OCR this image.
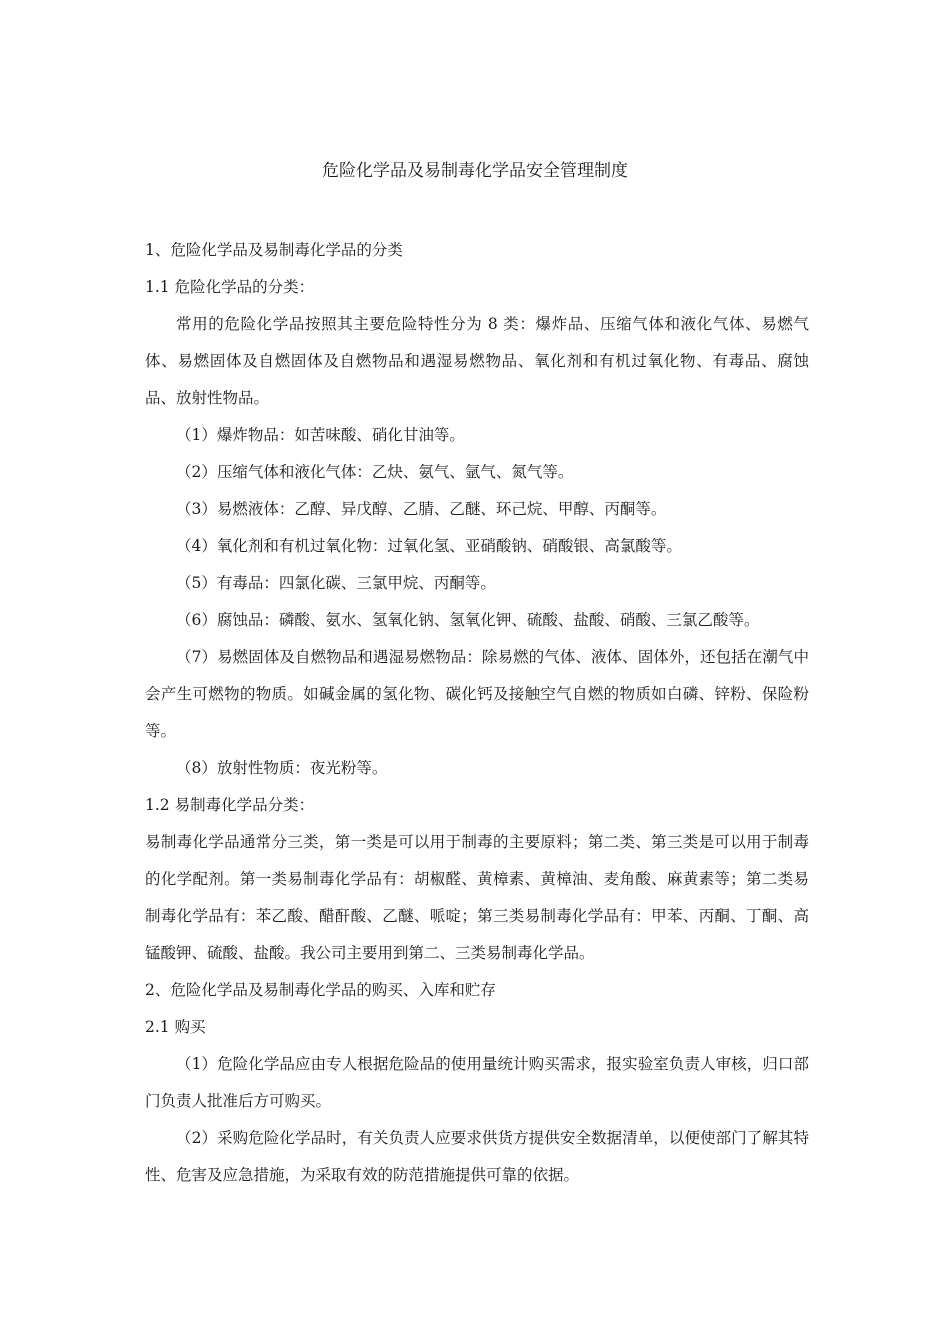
危险化学品及易制毒化学品安全管理制度

1、危险化学品及易制毒化学品的分类

1.1 危险化学品的分类：

常用的危险化学品按照其主要危险特性分为 8 类：爆炸品、压缩气体和液化气体、易燃气体、易燃固体及自燃固体及自燃物品和遇湿易燃物品、氧化剂和有机过氧化物、有毒品、腐蚀品、放射性物品。

（1）爆炸物品：如苦味酸、硝化甘油等。

（2）压缩气体和液化气体：乙炔、氨气、氩气、氮气等。

（3）易燃液体：乙醇、异戊醇、乙腈、乙醚、环己烷、甲醇、丙酮等。

（4）氧化剂和有机过氧化物：过氧化氢、亚硝酸钠、硝酸银、高氯酸等。

（5）有毒品：四氯化碳、三氯甲烷、丙酮等。

（6）腐蚀品：磷酸、氨水、氢氧化钠、氢氧化钾、硫酸、盐酸、硝酸、三氯乙酸等。

（7）易燃固体及自燃物品和遇湿易燃物品：除易燃的气体、液体、固体外，还包括在潮气中会产生可燃物的物质。如碱金属的氢化物、碳化钙及接触空气自燃的物质如白磷、锌粉、保险粉等。

（8）放射性物质：夜光粉等。

1.2 易制毒化学品分类：

易制毒化学品通常分三类，第一类是可以用于制毒的主要原料；第二类、第三类是可以用于制毒的化学配剂。第一类易制毒化学品有：胡椒醛、黄樟素、黄樟油、麦角酸、麻黄素等；第二类易制毒化学品有：苯乙酸、醋酐酸、乙醚、哌啶；第三类易制毒化学品有：甲苯、丙酮、丁酮、高锰酸钾、硫酸、盐酸。我公司主要用到第二、三类易制毒化学品。

2、危险化学品及易制毒化学品的购买、入库和贮存

2.1 购买

（1）危险化学品应由专人根据危险品的使用量统计购买需求，报实验室负责人审核，归口部门负责人批准后方可购买。

（2）采购危险化学品时，有关负责人应要求供货方提供安全数据清单，以便使部门了解其特性、危害及应急措施，为采取有效的防范措施提供可靠的依据。
